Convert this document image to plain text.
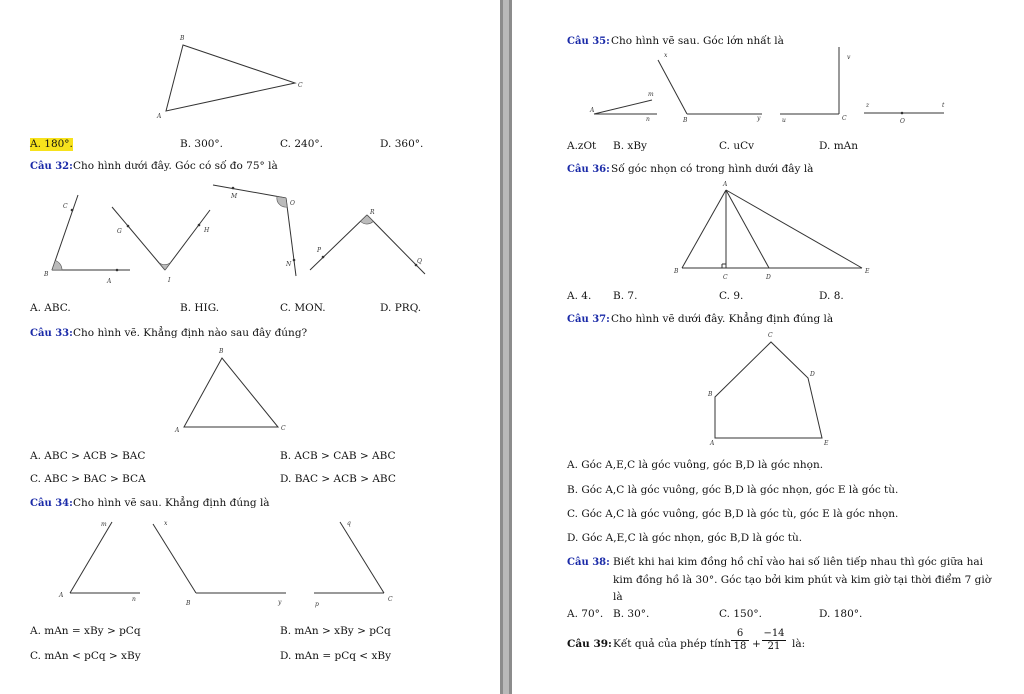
B
C
A
A. 180°.	B. 300°.	C. 240°.	D. 360°.
Câu 32: Cho hình dưới đây. Góc có số đo 75° là
C
B
A
G	H
I
M
O
N
P
R
Q
A. ABC.	B. HIG.	C. MON.	D. PRQ.
Câu 33: Cho hình vẽ. Khẳng định nào sau đây đúng?
B
A	C
A. ABC > ACB > BAC	B. ACB > CAB > ABC
C. ABC > BAC > BCA	D. BAC > ACB > ABC
Câu 34: Cho hình vẽ sau. Khẳng định đúng là
m
A
n
x
B	y
q
p
C
A. mAn = xBy > pCq	B. mAn > xBy > pCq
C. mAn < pCq > xBy	D. mAn = pCq < xBy
Câu 35: Cho hình vẽ sau. Góc lớn nhất là
m
A
n
x
B	y
v
u	C
z
O
t
A.zOt B. xBy	C. uCv	D. mAn
Câu 36: Số góc nhọn có trong hình dưới đây là
A
B
C	D
E
A. 4. B. 7.	C. 9.	D. 8.
Câu 37: Cho hình vẽ dưới đây. Khẳng định đúng là
C
B
D
A	E
A. Góc A,E,C là góc vuông, góc B,D là góc nhọn.
B. Góc A,C là góc vuông, góc B,D là góc nhọn, góc E là góc tù.
C. Góc A,C là góc vuông, góc B,D là góc tù, góc E là góc nhọn.
D. Góc A,E,C là góc nhọn, góc B,D là góc tù.
Câu 38: Biết khi hai kim đồng hồ chỉ vào hai số liên tiếp nhau thì góc giữa hai
kim đồng hồ là 30°. Góc tạo bởi kim phút và kim giờ tại thời điểm 7 giờ
là
A. 70°. B. 30°.	C. 150°.	D. 180°.
Câu 39: Kết quả của phép tính $\frac{6}{18} + \frac{-14}{21}$ là:
